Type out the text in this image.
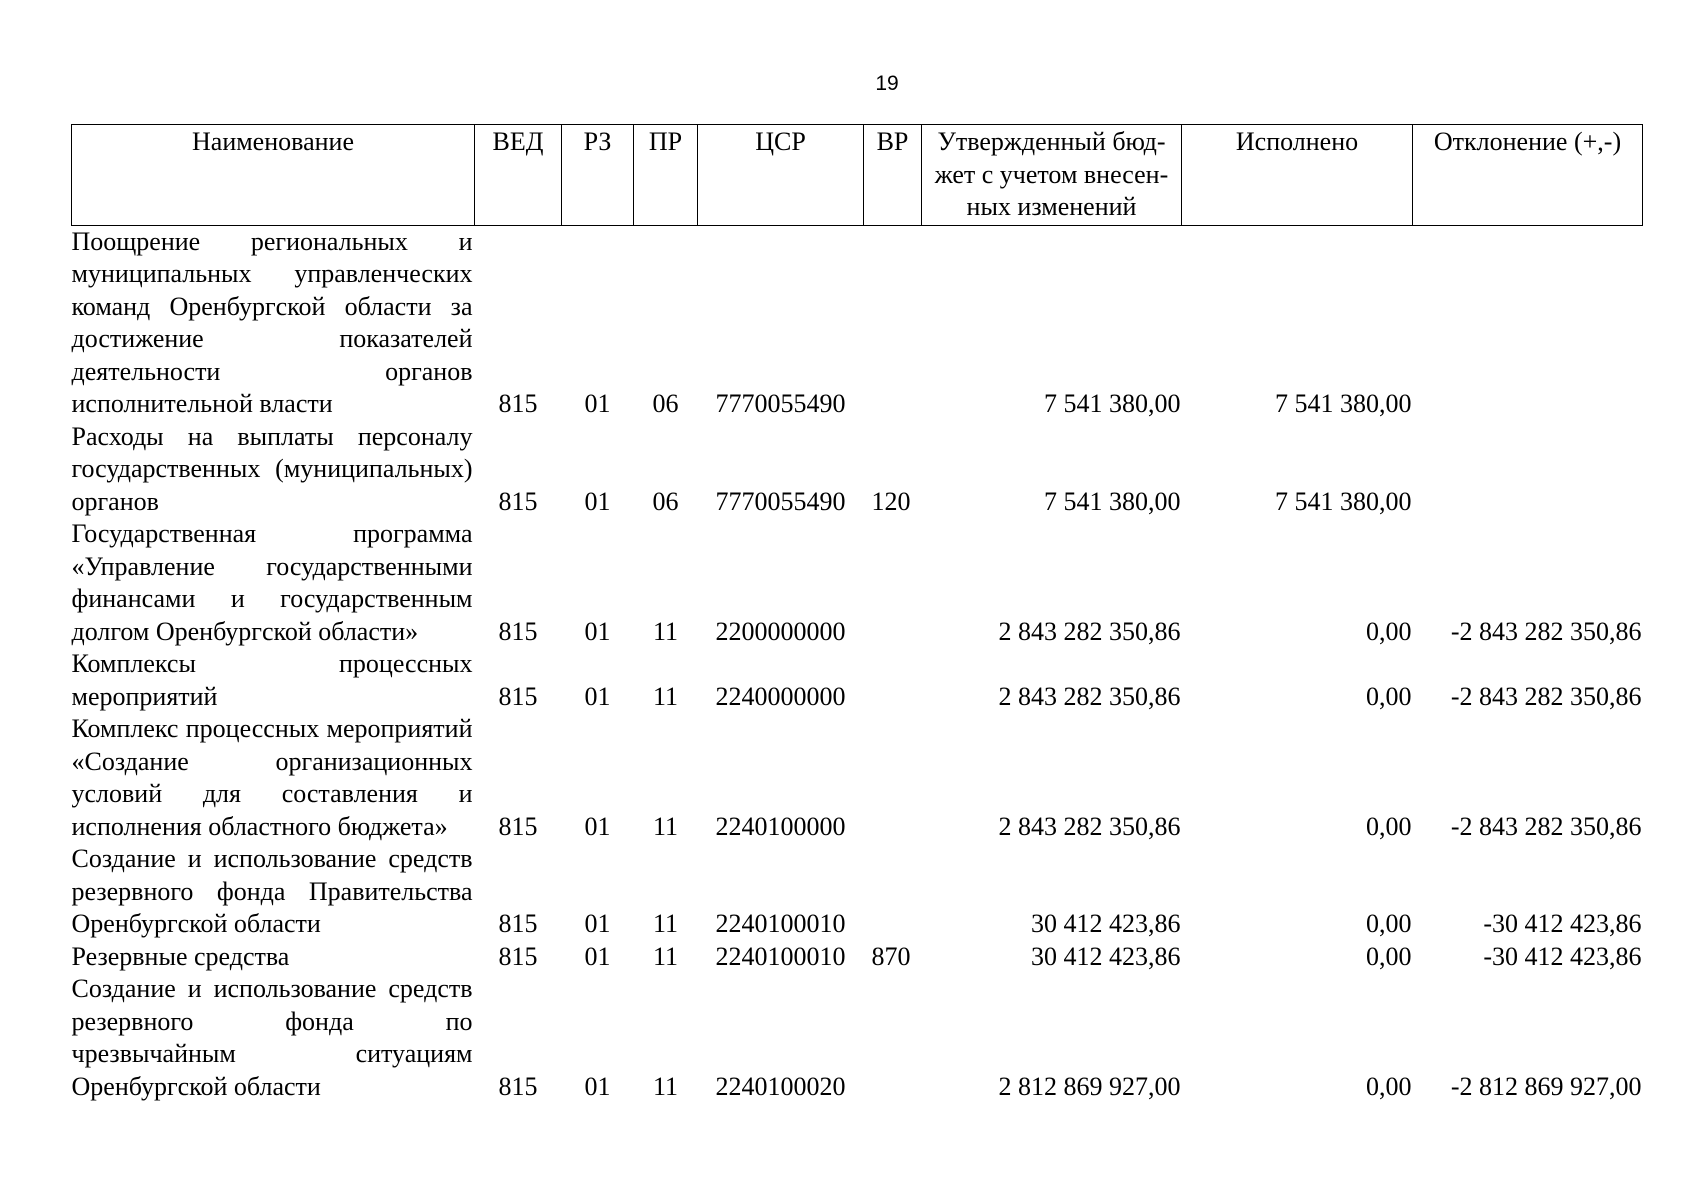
19
Наименование	ВЕД	РЗ	ПР	ЦСР	ВР	Утвержденный бюд-жет с учетом внесен-ных изменений	Исполнено	Отклонение (+,-)
Поощрение региональных и муниципальных управленческих команд Оренбургской области за достижение показателей деятельности органов исполнительной власти	815	01	06	7770055490		7 541 380,00	7 541 380,00	
Расходы на выплаты персоналу государственных (муниципальных) органов	815	01	06	7770055490	120	7 541 380,00	7 541 380,00	
Государственная программа «Управление государственными финансами и государственным долгом Оренбургской области»	815	01	11	2200000000		2 843 282 350,86	0,00	-2 843 282 350,86
Комплексы процессных мероприятий	815	01	11	2240000000		2 843 282 350,86	0,00	-2 843 282 350,86
Комплекс процессных мероприятий «Создание организационных условий для составления и исполнения областного бюджета»	815	01	11	2240100000		2 843 282 350,86	0,00	-2 843 282 350,86
Создание и использование средств резервного фонда Правительства Оренбургской области	815	01	11	2240100010		30 412 423,86	0,00	-30 412 423,86
Резервные средства	815	01	11	2240100010	870	30 412 423,86	0,00	-30 412 423,86
Создание и использование средств резервного фонда по чрезвычайным ситуациям Оренбургской области	815	01	11	2240100020		2 812 869 927,00	0,00	-2 812 869 927,00
